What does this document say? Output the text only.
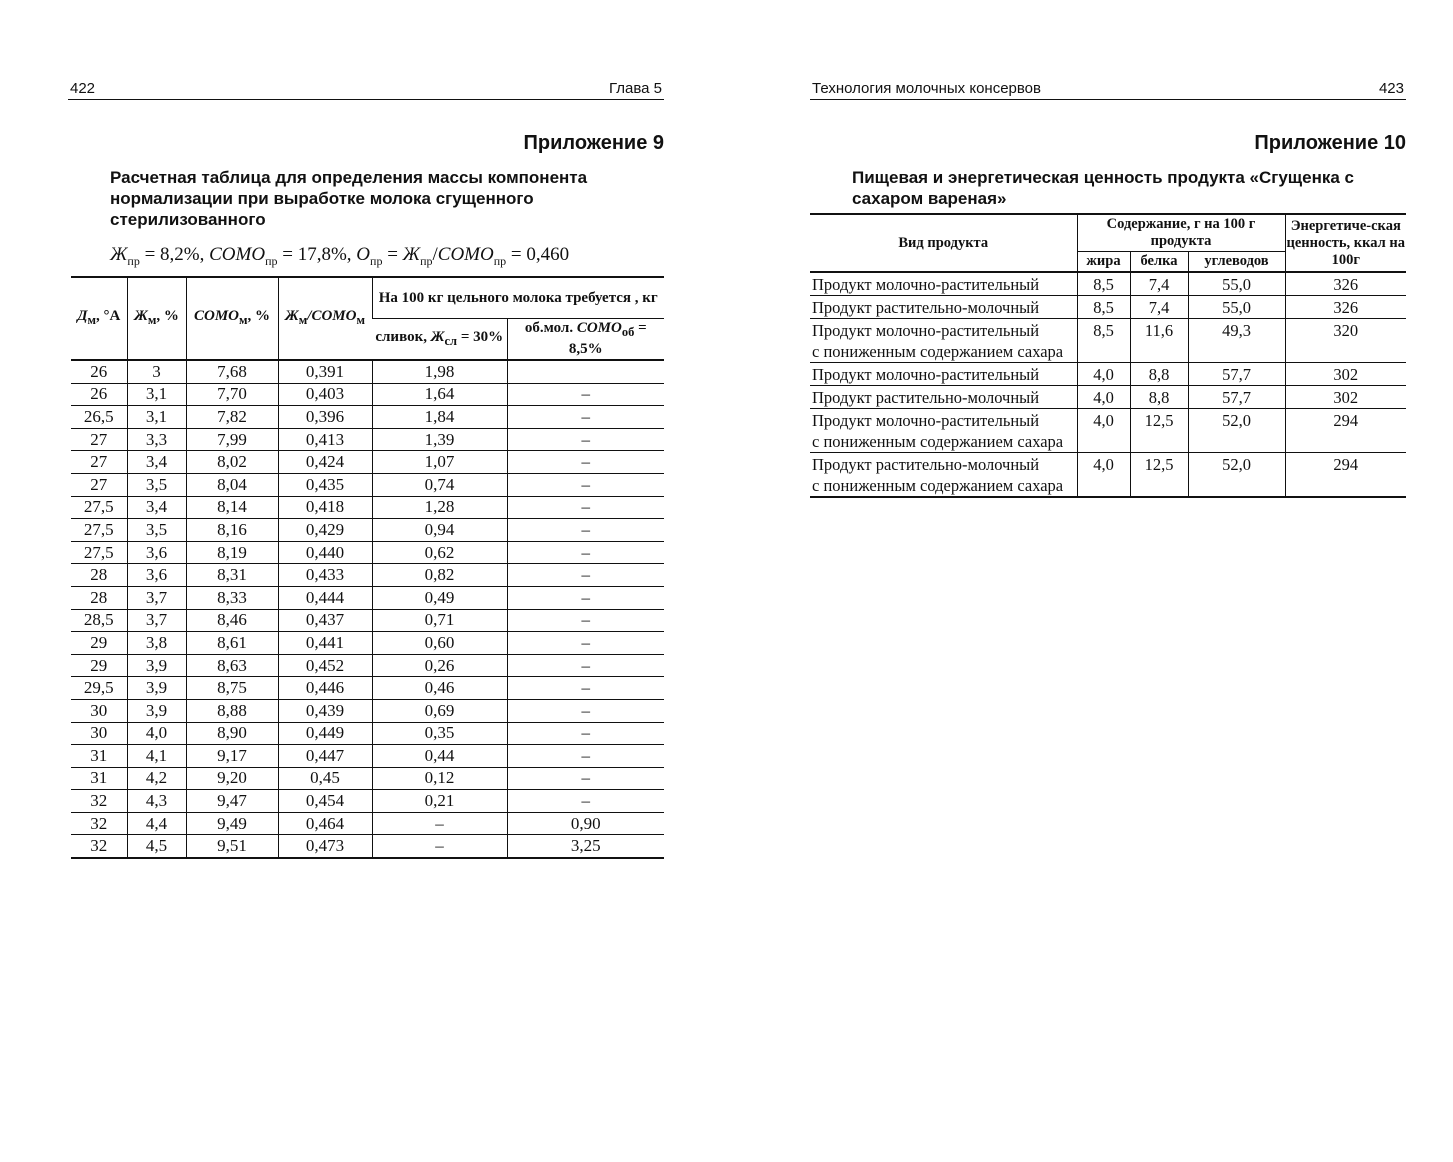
422	Глава 5
Приложение 9
Расчетная таблица для определения массы компонента нормализации при выработке молока сгущенного стерилизованного
$Ж_{пр} = 8,2\%$, $СОМО_{пр} = 17,8\%$, $О_{пр}$ = $Ж_{пр}/СОМО_{пр} = 0,460$
$Д_м$, °А	$Ж_м$, %	$СОМО_м$, %	$Ж_м/СОМО_м$	На 100 кг цельного молока требуется , кг	
				сливок, $Ж_{сл} = 30\%$	об.мол. $СОМО_{об} = 8,5\%$
26	3	7,68	0,391	1,98	
26	3,1	7,70	0,403	1,64	–
26,5	3,1	7,82	0,396	1,84	–
27	3,3	7,99	0,413	1,39	–
27	3,4	8,02	0,424	1,07	–
27	3,5	8,04	0,435	0,74	–
27,5	3,4	8,14	0,418	1,28	–
27,5	3,5	8,16	0,429	0,94	–
27,5	3,6	8,19	0,440	0,62	–
28	3,6	8,31	0,433	0,82	–
28	3,7	8,33	0,444	0,49	–
28,5	3,7	8,46	0,437	0,71	–
29	3,8	8,61	0,441	0,60	–
29	3,9	8,63	0,452	0,26	–
29,5	3,9	8,75	0,446	0,46	–
30	3,9	8,88	0,439	0,69	–
30	4,0	8,90	0,449	0,35	–
31	4,1	9,17	0,447	0,44	–
31	4,2	9,20	0,45	0,12	–
32	4,3	9,47	0,454	0,21	–
32	4,4	9,49	0,464	–	0,90
32	4,5	9,51	0,473	–	3,25
Технология молочных консервов	423
Приложение 10
Пищевая и энергетическая ценность продукта «Сгущенка с сахаром вареная»
Вид продукта	Содержание, г на 100 г продукта			Энергетиче-ская ценность, ккал на 100г
	жира	белка	углеводов	
Продукт молочно-растительный	8,5	7,4	55,0	326
Продукт растительно-молочный	8,5	7,4	55,0	326
Продукт молочно-растительный
с пониженным содержанием сахара	8,5	11,6	49,3	320
Продукт молочно-растительный	4,0	8,8	57,7	302
Продукт растительно-молочный	4,0	8,8	57,7	302
Продукт молочно-растительный
с пониженным содержанием сахара	4,0	12,5	52,0	294
Продукт растительно-молочный
с пониженным содержанием сахара	4,0	12,5	52,0	294
